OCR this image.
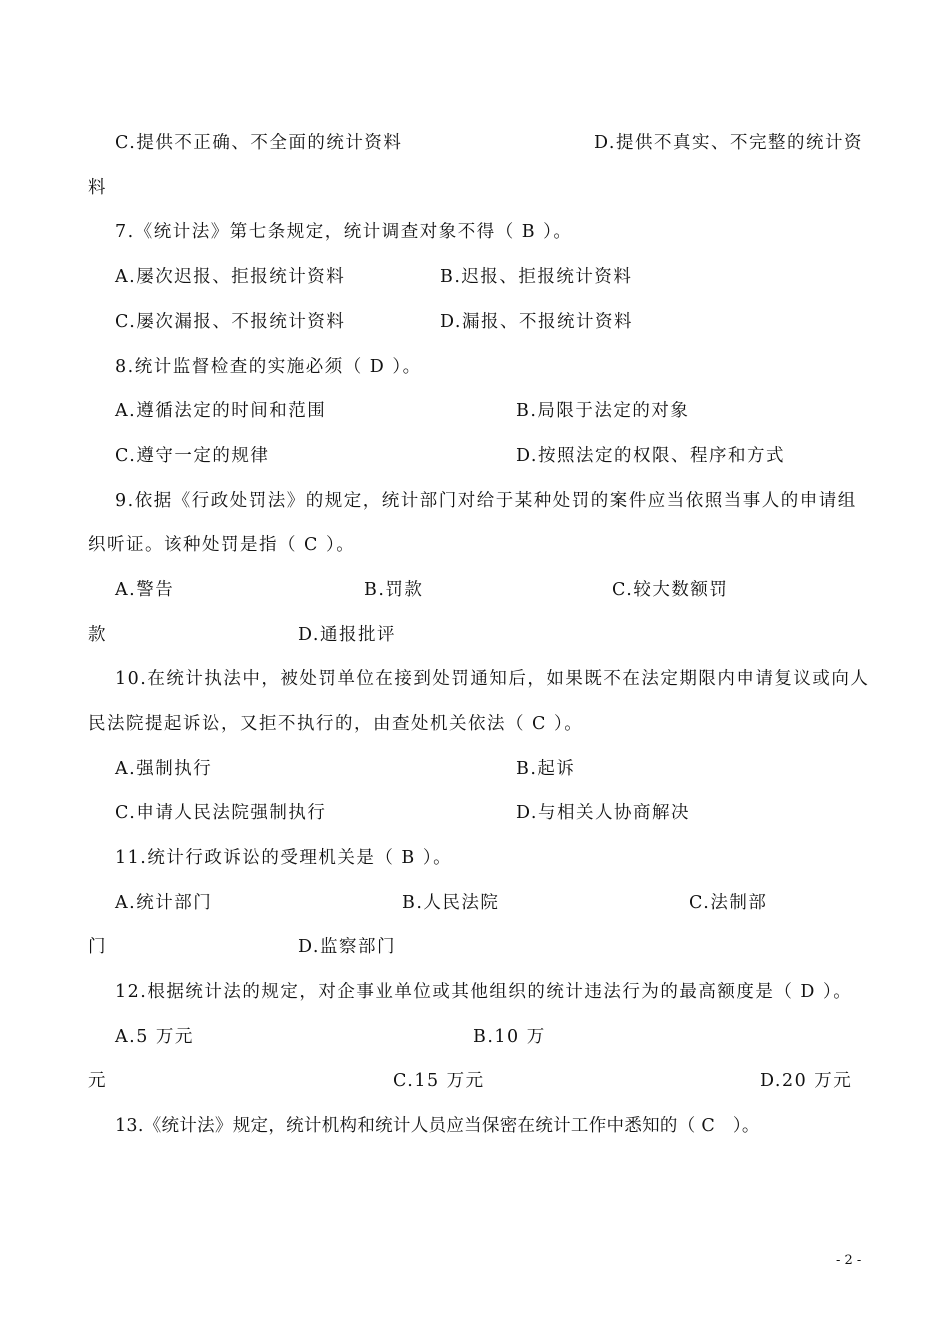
C.提供不正确、不全面的统计资料	D.提供不真实、不完整的统计资
料
7.《统计法》第七条规定，统计调查对象不得（ B ）。
A.屡次迟报、拒报统计资料	B.迟报、拒报统计资料
C.屡次漏报、不报统计资料	D.漏报、不报统计资料
8.统计监督检查的实施必须（ D ）。
A.遵循法定的时间和范围	B.局限于法定的对象
C.遵守一定的规律	D.按照法定的权限、程序和方式
9.依据《行政处罚法》的规定，统计部门对给于某种处罚的案件应当依照当事人的申请组
织听证。该种处罚是指（ C ）。
A.警告	B.罚款	C.较大数额罚
款	D.通报批评
10.在统计执法中，被处罚单位在接到处罚通知后，如果既不在法定期限内申请复议或向人
民法院提起诉讼，又拒不执行的，由查处机关依法（ C ）。
A.强制执行	B.起诉
C.申请人民法院强制执行	D.与相关人协商解决
11.统计行政诉讼的受理机关是（ B ）。
A.统计部门	B.人民法院	C.法制部
门	D.监察部门
12.根据统计法的规定，对企事业单位或其他组织的统计违法行为的最高额度是（ D ）。
A.5 万元	B.10 万
元	C.15 万元	D.20 万元
13.《统计法》规定，统计机构和统计人员应当保密在统计工作中悉知的（ C　）。
- 2 -
